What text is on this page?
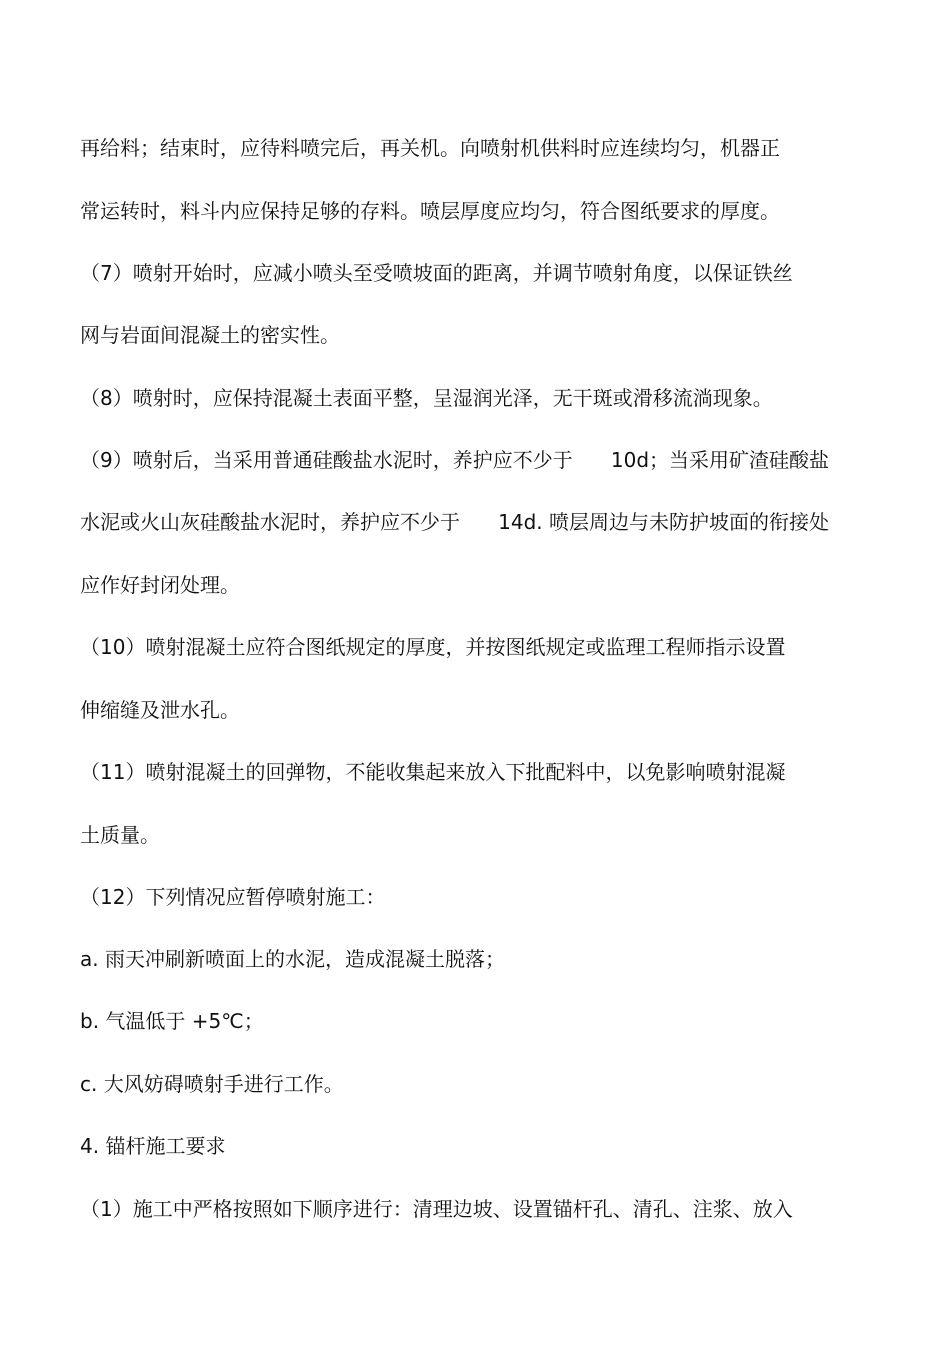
再给料；结束时，应待料喷完后，再关机。向喷射机供料时应连续均匀，机器正
常运转时，料斗内应保持足够的存料。喷层厚度应均匀，符合图纸要求的厚度。
（7）喷射开始时，应减小喷头至受喷坡面的距离，并调节喷射角度，以保证铁丝
网与岩面间混凝土的密实性。
（8）喷射时，应保持混凝土表面平整，呈湿润光泽，无干斑或滑移流淌现象。
（9）喷射后，当采用普通硅酸盐水泥时，养护应不少于      10d；当采用矿渣硅酸盐
水泥或火山灰硅酸盐水泥时，养护应不少于      14d. 喷层周边与未防护坡面的衔接处
应作好封闭处理。
（10）喷射混凝土应符合图纸规定的厚度，并按图纸规定或监理工程师指示设置
伸缩缝及泄水孔。
（11）喷射混凝土的回弹物，不能收集起来放入下批配料中，以免影响喷射混凝
土质量。
（12）下列情况应暂停喷射施工：
a. 雨天冲刷新喷面上的水泥，造成混凝土脱落；
b. 气温低于 +5℃；
c. 大风妨碍喷射手进行工作。
4. 锚杆施工要求
（1）施工中严格按照如下顺序进行：清理边坡、设置锚杆孔、清孔、注浆、放入
